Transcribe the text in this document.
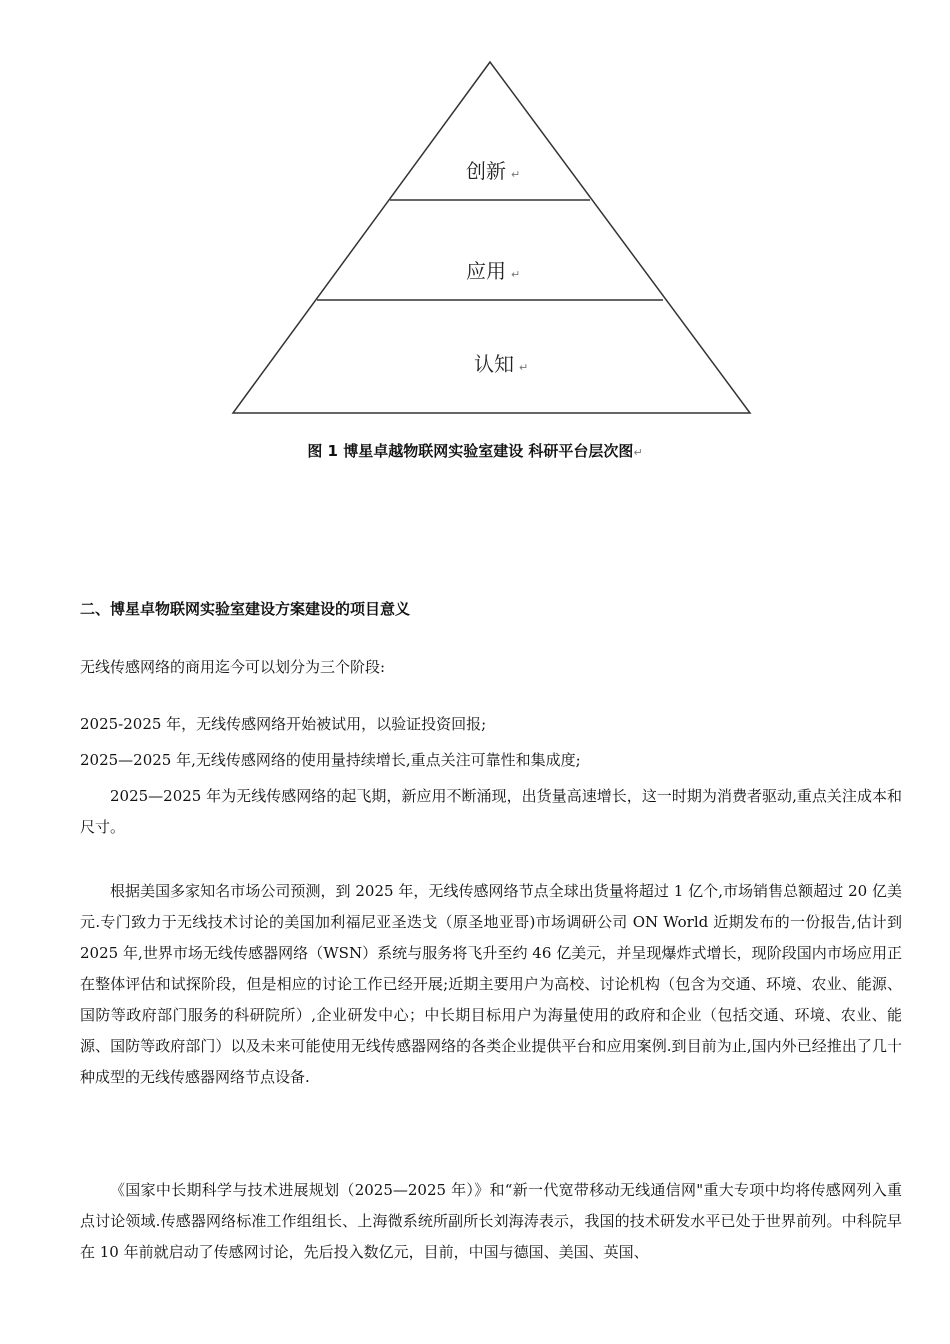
创新 ↵
应用 ↵
认知 ↵
图 1 博星卓越物联网实验室建设 科研平台层次图↵
二、博星卓物联网实验室建设方案建设的项目意义

无线传感网络的商用迄今可以划分为三个阶段:

2025-2025 年，无线传感网络开始被试用，以验证投资回报;

2025—2025 年,无线传感网络的使用量持续增长,重点关注可靠性和集成度;

2025—2025 年为无线传感网络的起飞期，新应用不断涌现，出货量高速增长，这一时期为消费者驱动,重点关注成本和尺寸。

根据美国多家知名市场公司预测，到 2025 年，无线传感网络节点全球出货量将超过 1 亿个,市场销售总额超过 20 亿美元.专门致力于无线技术讨论的美国加利福尼亚圣迭戈（原圣地亚哥)市场调研公司 ON World 近期发布的一份报告,估计到 2025 年,世界市场无线传感器网络（WSN）系统与服务将飞升至约 46 亿美元，并呈现爆炸式增长，现阶段国内市场应用正在整体评估和试探阶段，但是相应的讨论工作已经开展;近期主要用户为高校、讨论机构（包含为交通、环境、农业、能源、国防等政府部门服务的科研院所）,企业研发中心；中长期目标用户为海量使用的政府和企业（包括交通、环境、农业、能源、国防等政府部门）以及未来可能使用无线传感器网络的各类企业提供平台和应用案例.到目前为止,国内外已经推出了几十种成型的无线传感器网络节点设备.

《国家中长期科学与技术进展规划（2025—2025 年）》和“新一代宽带移动无线通信网"重大专项中均将传感网列入重点讨论领域.传感器网络标准工作组组长、上海微系统所副所长刘海涛表示，我国的技术研发水平已处于世界前列。中科院早在 10 年前就启动了传感网讨论，先后投入数亿元，目前，中国与德国、美国、英国、
